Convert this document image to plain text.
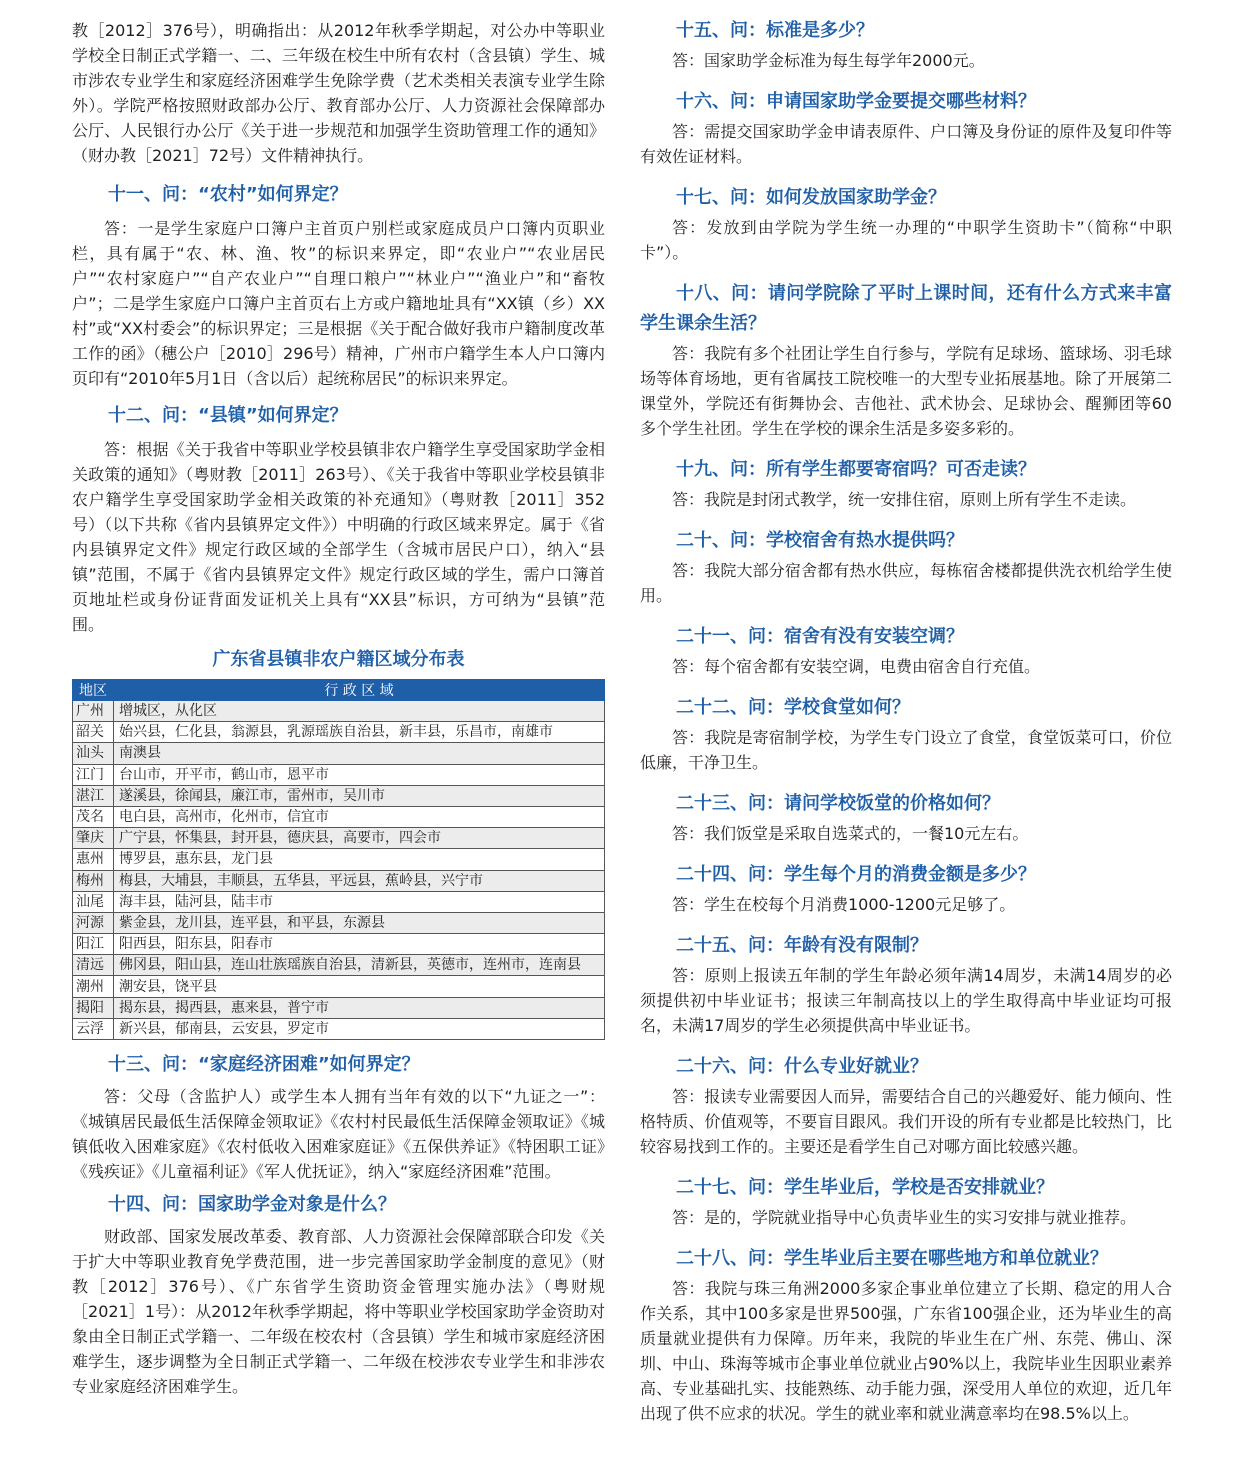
教［2012］376号），明确指出：从2012年秋季学期起，对公办中等职业学校全日制正式学籍一、二、三年级在校生中所有农村（含县镇）学生、城市涉农专业学生和家庭经济困难学生免除学费（艺术类相关表演专业学生除外）。学院严格按照财政部办公厅、教育部办公厅、人力资源社会保障部办公厅、人民银行办公厅《关于进一步规范和加强学生资助管理工作的通知》（财办教［2021］72号）文件精神执行。

十一、问：“农村”如何界定？

答：一是学生家庭户口簿户主首页户别栏或家庭成员户口簿内页职业栏，具有属于“农、林、渔、牧”的标识来界定，即“农业户”“农业居民户”“农村家庭户”“自产农业户”“自理口粮户”“林业户”“渔业户”和“畜牧户”；二是学生家庭户口簿户主首页右上方或户籍地址具有“XX镇（乡）XX村”或“XX村委会”的标识界定；三是根据《关于配合做好我市户籍制度改革工作的函》（穗公户［2010］296号）精神，广州市户籍学生本人户口簿内页印有“2010年5月1日（含以后）起统称居民”的标识来界定。

十二、问：“县镇”如何界定？

答：根据《关于我省中等职业学校县镇非农户籍学生享受国家助学金相关政策的通知》（粤财教［2011］263号）、《关于我省中等职业学校县镇非农户籍学生享受国家助学金相关政策的补充通知》（粤财教［2011］352号）（以下共称《省内县镇界定文件》）中明确的行政区域来界定。属于《省内县镇界定文件》规定行政区域的全部学生（含城市居民户口），纳入“县镇”范围，不属于《省内县镇界定文件》规定行政区域的学生，需户口簿首页地址栏或身份证背面发证机关上具有“XX县”标识，方可纳为“县镇”范围。

广东省县镇非农户籍区域分布表
地区	行 政 区 域
广州	增城区，从化区
韶关	始兴县，仁化县，翁源县，乳源瑶族自治县，新丰县，乐昌市，南雄市
汕头	南澳县
江门	台山市，开平市，鹤山市，恩平市
湛江	遂溪县，徐闻县，廉江市，雷州市，吴川市
茂名	电白县，高州市，化州市，信宜市
肇庆	广宁县，怀集县，封开县，德庆县，高要市，四会市
惠州	博罗县，惠东县，龙门县
梅州	梅县，大埔县，丰顺县，五华县，平远县，蕉岭县，兴宁市
汕尾	海丰县，陆河县，陆丰市
河源	紫金县，龙川县，连平县，和平县，东源县
阳江	阳西县，阳东县，阳春市
清远	佛冈县，阳山县，连山壮族瑶族自治县，清新县，英德市，连州市，连南县
潮州	潮安县，饶平县
揭阳	揭东县，揭西县，惠来县，普宁市
云浮	新兴县，郁南县，云安县，罗定市
十三、问：“家庭经济困难”如何界定？

答：父母（含监护人）或学生本人拥有当年有效的以下“九证之一”：《城镇居民最低生活保障金领取证》《农村村民最低生活保障金领取证》《城镇低收入困难家庭》《农村低收入困难家庭证》《五保供养证》《特困职工证》《残疾证》《儿童福利证》《军人优抚证》，纳入“家庭经济困难”范围。

十四、问：国家助学金对象是什么？

财政部、国家发展改革委、教育部、人力资源社会保障部联合印发《关于扩大中等职业教育免学费范围，进一步完善国家助学金制度的意见》（财教［2012］376号）、《广东省学生资助资金管理实施办法》（粤财规［2021］1号）：从2012年秋季学期起，将中等职业学校国家助学金资助对象由全日制正式学籍一、二年级在校农村（含县镇）学生和城市家庭经济困难学生，逐步调整为全日制正式学籍一、二年级在校涉农专业学生和非涉农专业家庭经济困难学生。

十五、问：标准是多少？

答：国家助学金标准为每生每学年2000元。

十六、问：申请国家助学金要提交哪些材料？

答：需提交国家助学金申请表原件、户口簿及身份证的原件及复印件等有效佐证材料。

十七、问：如何发放国家助学金？

答：发放到由学院为学生统一办理的“中职学生资助卡”（简称“中职卡”）。

十八、问：请问学院除了平时上课时间，还有什么方式来丰富学生课余生活？

答：我院有多个社团让学生自行参与，学院有足球场、篮球场、羽毛球场等体育场地，更有省属技工院校唯一的大型专业拓展基地。除了开展第二课堂外，学院还有街舞协会、吉他社、武术协会、足球协会、醒狮团等60多个学生社团。学生在学校的课余生活是多姿多彩的。

十九、问：所有学生都要寄宿吗？可否走读？

答：我院是封闭式教学，统一安排住宿，原则上所有学生不走读。

二十、问：学校宿舍有热水提供吗？

答：我院大部分宿舍都有热水供应，每栋宿舍楼都提供洗衣机给学生使用。

二十一、问：宿舍有没有安装空调？

答：每个宿舍都有安装空调，电费由宿舍自行充值。

二十二、问：学校食堂如何？

答：我院是寄宿制学校，为学生专门设立了食堂，食堂饭菜可口，价位低廉，干净卫生。

二十三、问：请问学校饭堂的价格如何？

答：我们饭堂是采取自选菜式的，一餐10元左右。

二十四、问：学生每个月的消费金额是多少？

答：学生在校每个月消费1000-1200元足够了。

二十五、问：年龄有没有限制？

答：原则上报读五年制的学生年龄必须年满14周岁，未满14周岁的必须提供初中毕业证书；报读三年制高技以上的学生取得高中毕业证均可报名，未满17周岁的学生必须提供高中毕业证书。

二十六、问：什么专业好就业？

答：报读专业需要因人而异，需要结合自己的兴趣爱好、能力倾向、性格特质、价值观等，不要盲目跟风。我们开设的所有专业都是比较热门，比较容易找到工作的。主要还是看学生自己对哪方面比较感兴趣。

二十七、问：学生毕业后，学校是否安排就业？

答：是的，学院就业指导中心负责毕业生的实习安排与就业推荐。

二十八、问：学生毕业后主要在哪些地方和单位就业？

答：我院与珠三角洲2000多家企事业单位建立了长期、稳定的用人合作关系，其中100多家是世界500强，广东省100强企业，还为毕业生的高质量就业提供有力保障。历年来，我院的毕业生在广州、东莞、佛山、深圳、中山、珠海等城市企事业单位就业占90%以上，我院毕业生因职业素养高、专业基础扎实、技能熟练、动手能力强，深受用人单位的欢迎，近几年出现了供不应求的状况。学生的就业率和就业满意率均在98.5%以上。
